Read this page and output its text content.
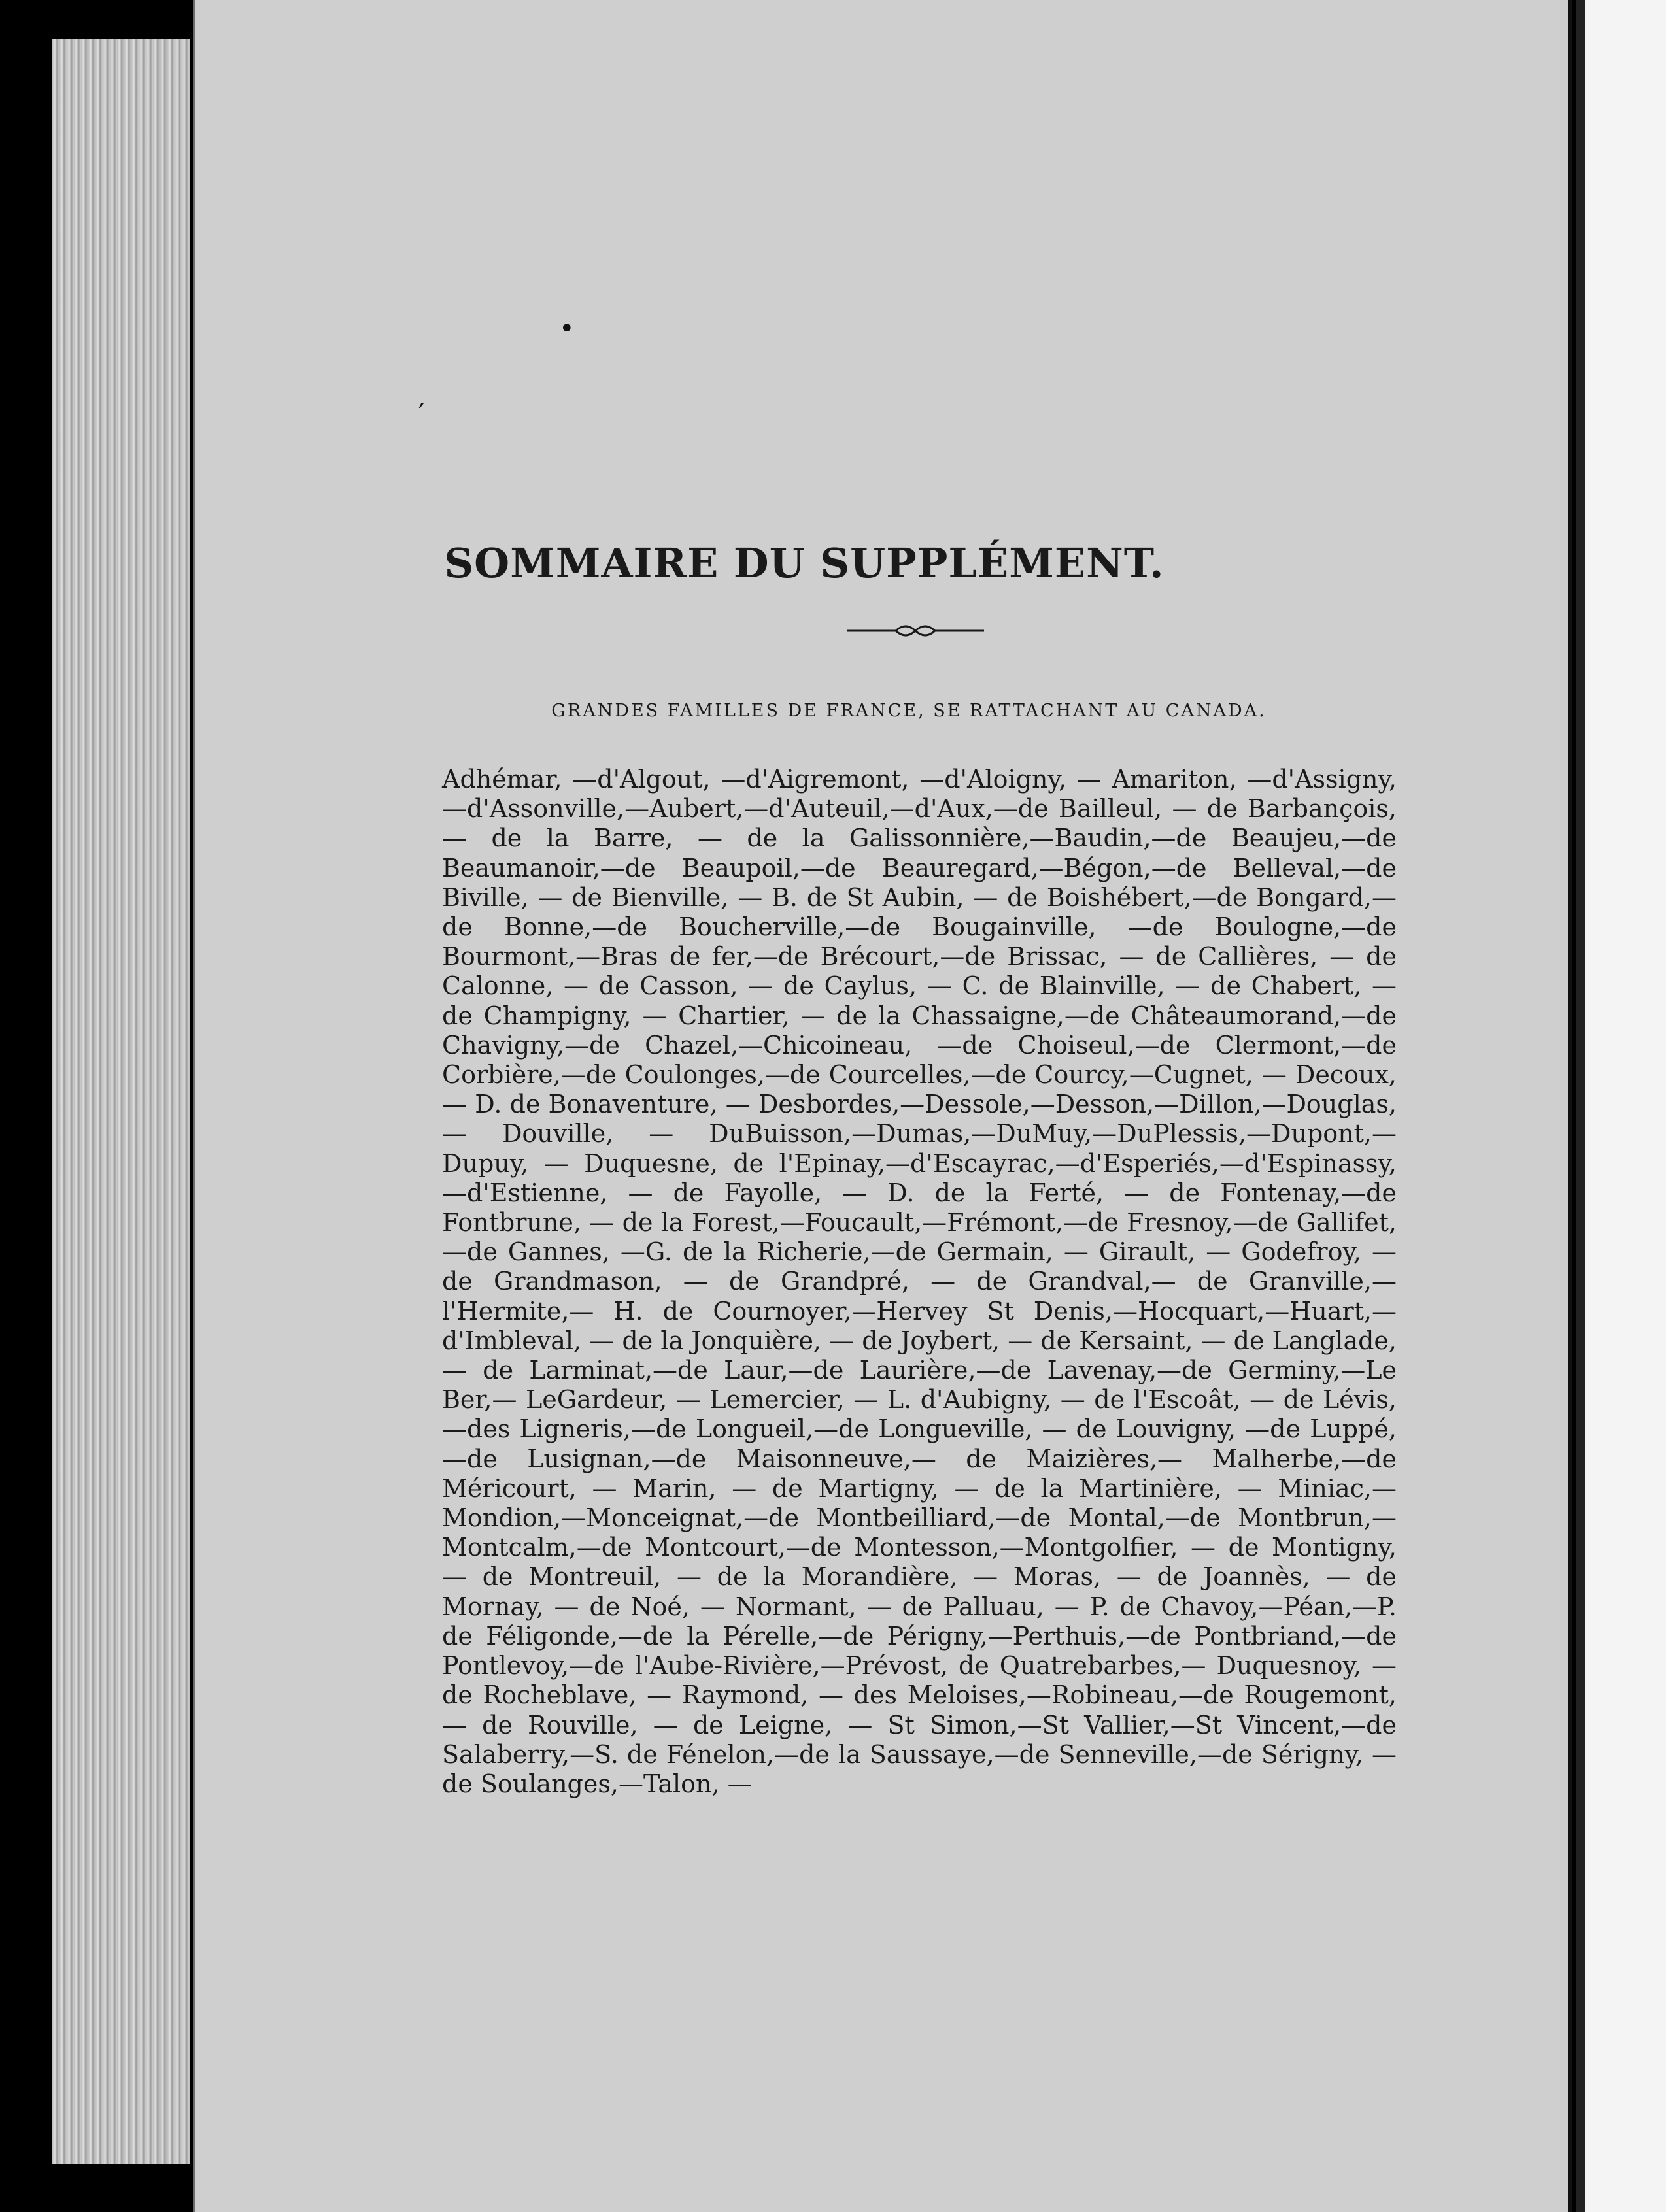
•
′
SOMMAIRE DU SUPPLÉMENT.
GRANDES FAMILLES DE FRANCE, SE RATTACHANT AU CANADA.

Adhémar, —d'Algout, —d'Aigremont, —d'Aloigny, — Amariton, —d'Assigny,—d'Assonville,—Aubert,—d'Auteuil,—d'Aux,—de Bailleul, — de Barbançois, — de la Barre, — de la Galissonnière,—Baudin,—de Beaujeu,—de Beaumanoir,—de Beaupoil,—de Beauregard,—Bégon,—de Belleval,—de Biville, — de Bienville, — B. de St Aubin, — de Boishébert,—de Bongard,—de Bonne,—de Boucherville,—de Bougainville, —de Boulogne,—de Bourmont,—Bras de fer,—de Brécourt,—de Brissac, — de Callières, — de Calonne, — de Casson, — de Caylus, — C. de Blainville, — de Chabert, — de Champigny, — Chartier, — de la Chassaigne,—de Châteaumorand,—de Chavigny,—de Chazel,—Chicoineau, —de Choiseul,—de Clermont,—de Corbière,—de Coulonges,—de Courcelles,—de Courcy,—Cugnet, — Decoux, — D. de Bonaventure, — Desbordes,—Dessole,—Desson,—Dillon,—Douglas,— Douville, — DuBuisson,—Dumas,—DuMuy,—DuPlessis,—Dupont,—Dupuy, — Duquesne, de l'Epinay,—d'Escayrac,—d'Esperiés,—d'Espinassy, —d'Estienne, — de Fayolle, — D. de la Ferté, — de Fontenay,—de Fontbrune, — de la Forest,—Foucault,—Frémont,—de Fresnoy,—de Gallifet,—de Gannes, —G. de la Richerie,—de Germain, — Girault, — Godefroy, — de Grandmason, — de Grandpré, — de Grandval,— de Granville,—l'Hermite,— H. de Cournoyer,—Hervey St Denis,—Hocquart,—Huart,—d'Imbleval, — de la Jonquière, — de Joybert, — de Kersaint, — de Langlade, — de Larminat,—de Laur,—de Laurière,—de Lavenay,—de Germiny,—Le Ber,— LeGardeur, — Lemercier, — L. d'Aubigny, — de l'Escoât, — de Lévis,—des Ligneris,—de Longueil,—de Longueville, — de Louvigny, —de Luppé,—de Lusignan,—de Maisonneuve,— de Maizières,— Malherbe,—de Méricourt, — Marin, — de Martigny, — de la Martinière, — Miniac,—Mondion,—Monceignat,—de Montbeilliard,—de Montal,—de Montbrun,—Montcalm,—de Montcourt,—de Montesson,—Montgolfier, — de Montigny, — de Montreuil, — de la Morandière, — Moras, — de Joannès, — de Mornay, — de Noé, — Normant, — de Palluau, — P. de Chavoy,—Péan,—P. de Féligonde,—de la Pérelle,—de Périgny,—Perthuis,—de Pontbriand,—de Pontlevoy,—de l'Aube-Rivière,—Prévost, de Quatrebarbes,— Duquesnoy, — de Rocheblave, — Raymond, — des Meloises,—Robineau,—de Rougemont, — de Rouville, — de Leigne, — St Simon,—St Vallier,—St Vincent,—de Salaberry,—S. de Fénelon,—de la Saussaye,—de Senneville,—de Sérigny, — de Soulanges,—Talon, —
